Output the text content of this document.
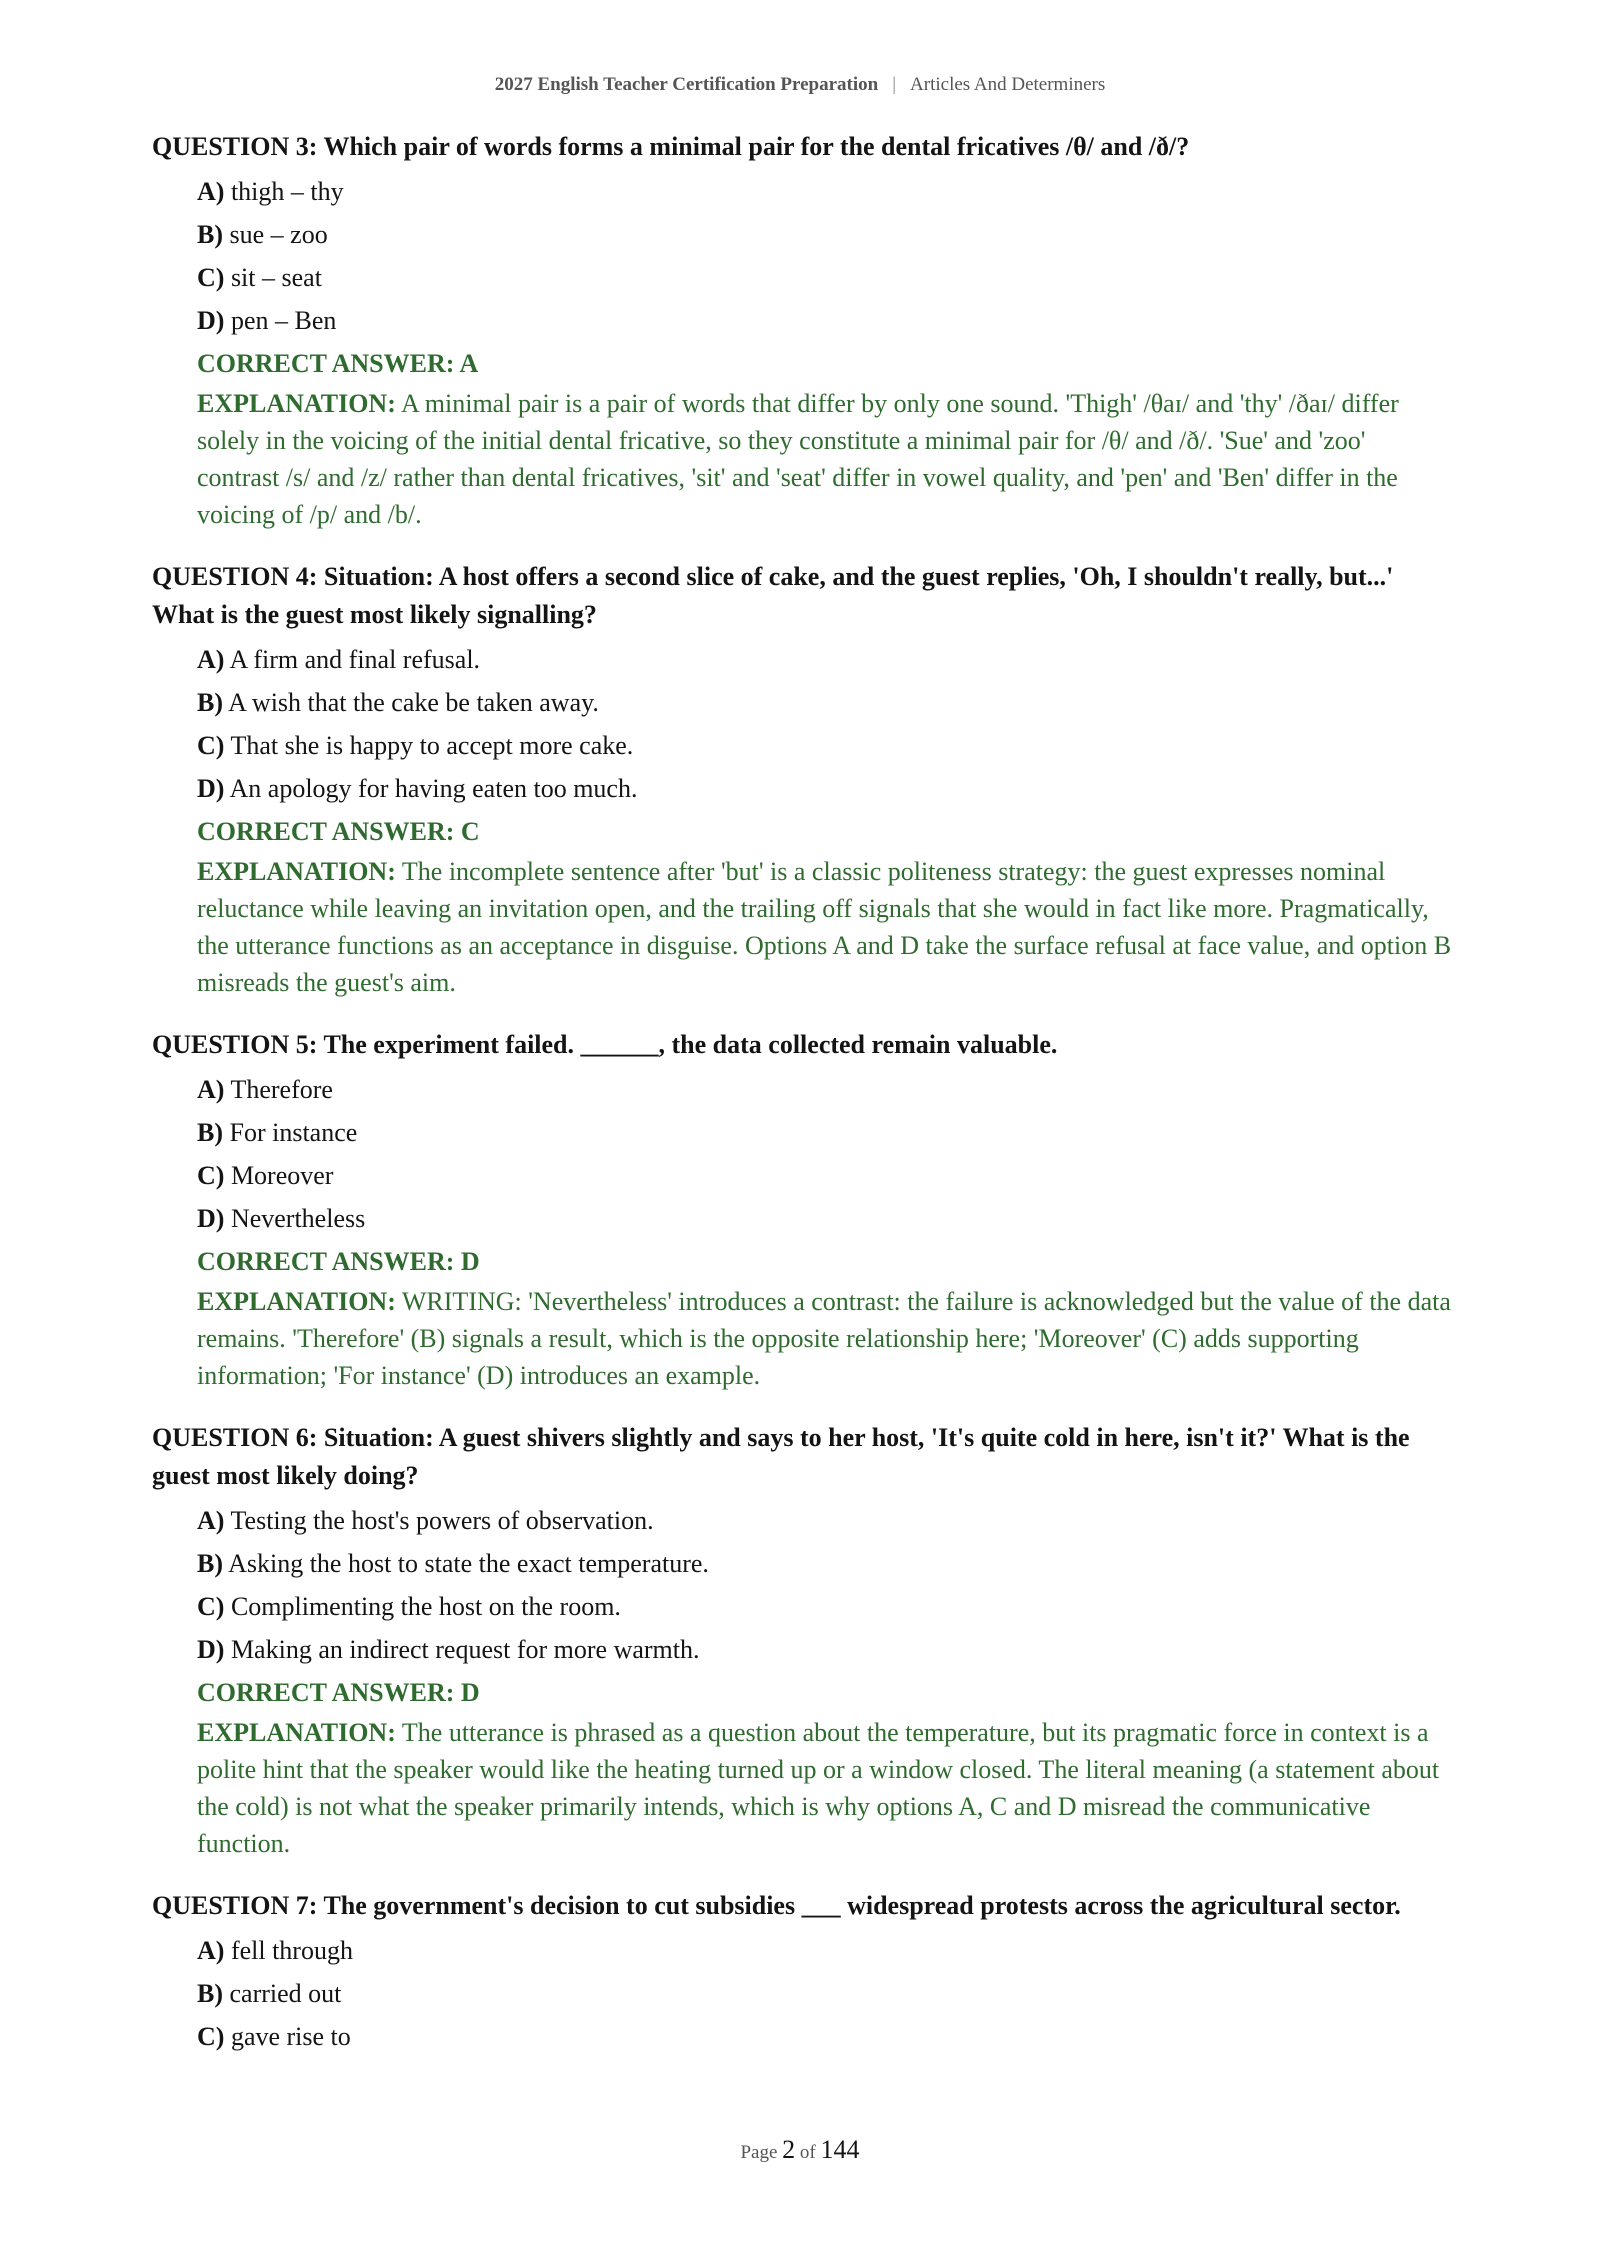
2027 English Teacher Certification Preparation | Articles And Determiners
QUESTION 3: Which pair of words forms a minimal pair for the dental fricatives /θ/ and /ð/?
A) thigh – thy
B) sue – zoo
C) sit – seat
D) pen – Ben
CORRECT ANSWER: A
EXPLANATION: A minimal pair is a pair of words that differ by only one sound. 'Thigh' /θaɪ/ and 'thy' /ðaɪ/ differ solely in the voicing of the initial dental fricative, so they constitute a minimal pair for /θ/ and /ð/. 'Sue' and 'zoo' contrast /s/ and /z/ rather than dental fricatives, 'sit' and 'seat' differ in vowel quality, and 'pen' and 'Ben' differ in the voicing of /p/ and /b/.
QUESTION 4: Situation: A host offers a second slice of cake, and the guest replies, 'Oh, I shouldn't really, but...' What is the guest most likely signalling?
A) A firm and final refusal.
B) A wish that the cake be taken away.
C) That she is happy to accept more cake.
D) An apology for having eaten too much.
CORRECT ANSWER: C
EXPLANATION: The incomplete sentence after 'but' is a classic politeness strategy: the guest expresses nominal reluctance while leaving an invitation open, and the trailing off signals that she would in fact like more. Pragmatically, the utterance functions as an acceptance in disguise. Options A and D take the surface refusal at face value, and option B misreads the guest's aim.
QUESTION 5: The experiment failed. ______, the data collected remain valuable.
A) Therefore
B) For instance
C) Moreover
D) Nevertheless
CORRECT ANSWER: D
EXPLANATION: WRITING: 'Nevertheless' introduces a contrast: the failure is acknowledged but the value of the data remains. 'Therefore' (B) signals a result, which is the opposite relationship here; 'Moreover' (C) adds supporting information; 'For instance' (D) introduces an example.
QUESTION 6: Situation: A guest shivers slightly and says to her host, 'It's quite cold in here, isn't it?' What is the guest most likely doing?
A) Testing the host's powers of observation.
B) Asking the host to state the exact temperature.
C) Complimenting the host on the room.
D) Making an indirect request for more warmth.
CORRECT ANSWER: D
EXPLANATION: The utterance is phrased as a question about the temperature, but its pragmatic force in context is a polite hint that the speaker would like the heating turned up or a window closed. The literal meaning (a statement about the cold) is not what the speaker primarily intends, which is why options A, C and D misread the communicative function.
QUESTION 7: The government's decision to cut subsidies ___ widespread protests across the agricultural sector.
A) fell through
B) carried out
C) gave rise to
Page 2 of 144
